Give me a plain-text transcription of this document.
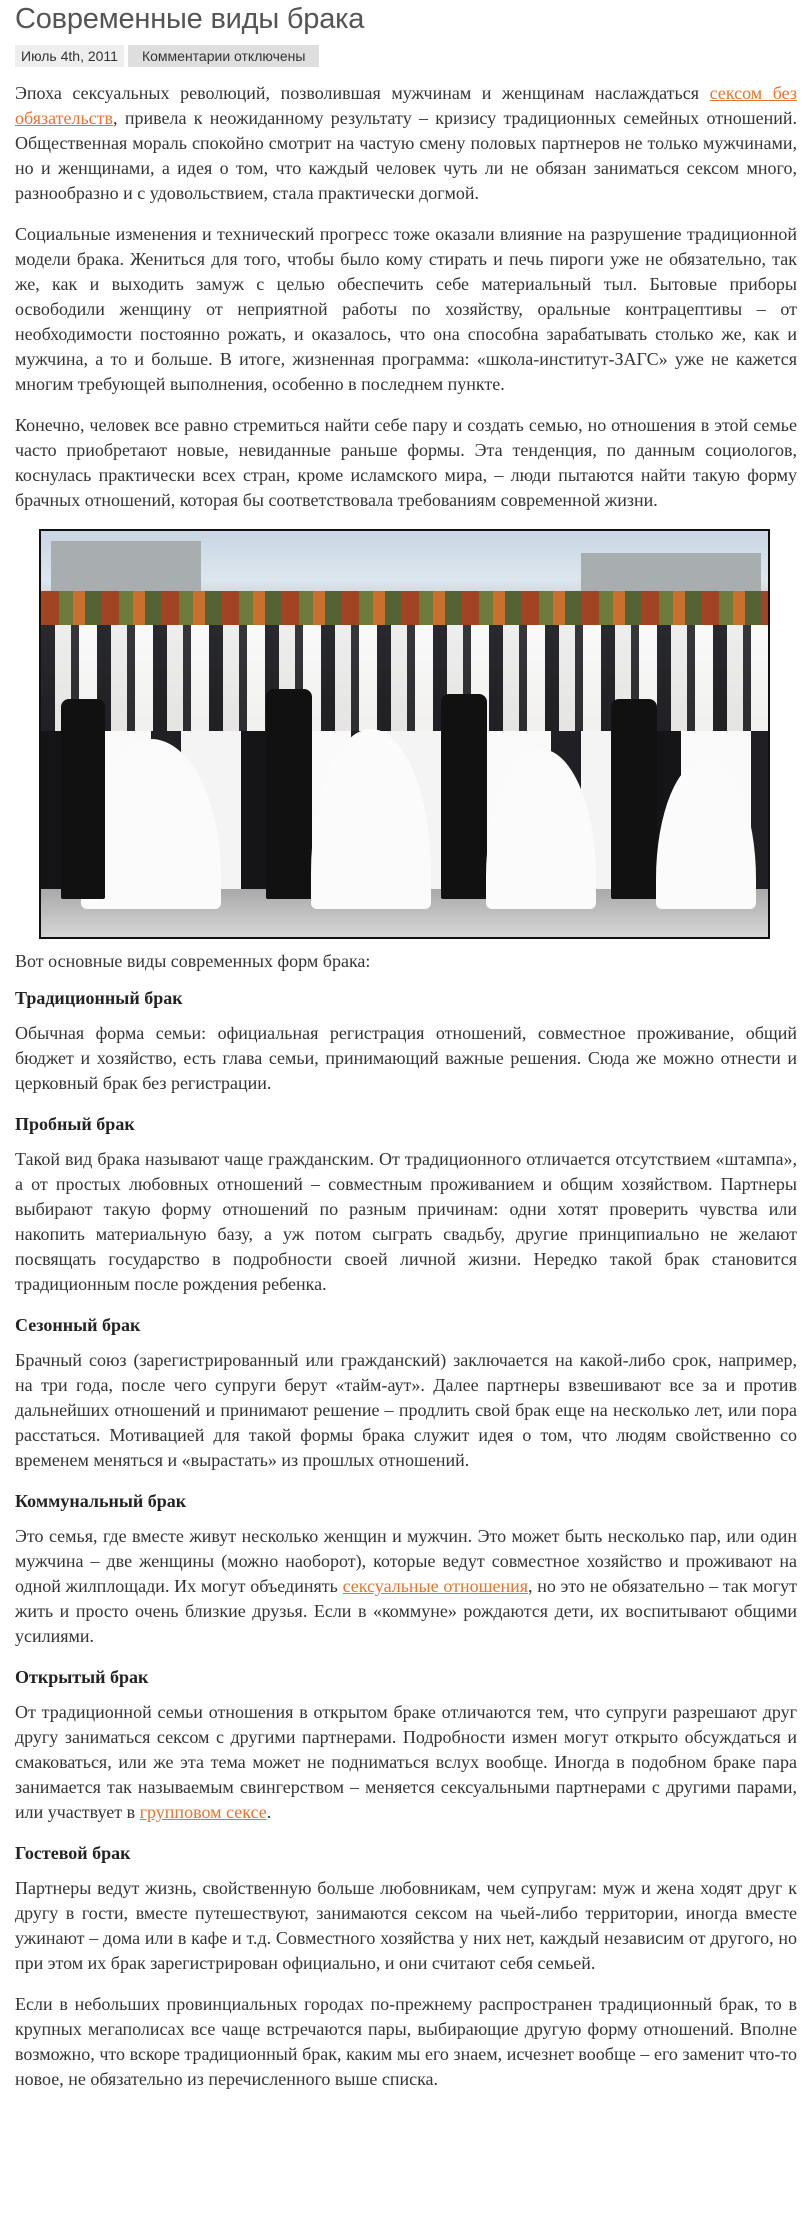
Современные виды брака
Июль 4th, 2011	Комментарии отключены

Эпоха сексуальных революций, позволившая мужчинам и женщинам наслаждаться сексом без обязательств, привела к неожиданному результату – кризису традиционных семейных отношений. Общественная мораль спокойно смотрит на частую смену половых партнеров не только мужчинами, но и женщинами, а идея о том, что каждый человек чуть ли не обязан заниматься сексом много, разнообразно и с удовольствием, стала практически догмой.

Социальные изменения и технический прогресс тоже оказали влияние на разрушение традиционной модели брака. Жениться для того, чтобы было кому стирать и печь пироги уже не обязательно, так же, как и выходить замуж с целью обеспечить себе материальный тыл. Бытовые приборы освободили женщину от неприятной работы по хозяйству, оральные контрацептивы – от необходимости постоянно рожать, и оказалось, что она способна зарабатывать столько же, как и мужчина, а то и больше. В итоге, жизненная программа: «школа-институт-ЗАГС» уже не кажется многим требующей выполнения, особенно в последнем пункте.

Конечно, человек все равно стремиться найти себе пару и создать семью, но отношения в этой семье часто приобретают новые, невиданные раньше формы. Эта тенденция, по данным социологов, коснулась практически всех стран, кроме исламского мира, – люди пытаются найти такую форму брачных отношений, которая бы соответствовала требованиям современной жизни.

Вот основные виды современных форм брака:

Традиционный брак

Обычная форма семьи: официальная регистрация отношений, совместное проживание, общий бюджет и хозяйство, есть глава семьи, принимающий важные решения. Сюда же можно отнести и церковный брак без регистрации.

Пробный брак

Такой вид брака называют чаще гражданским. От традиционного отличается отсутствием «штампа», а от простых любовных отношений – совместным проживанием и общим хозяйством. Партнеры выбирают такую форму отношений по разным причинам: одни хотят проверить чувства или накопить материальную базу, а уж потом сыграть свадьбу, другие принципиально не желают посвящать государство в подробности своей личной жизни. Нередко такой брак становится традиционным после рождения ребенка.

Сезонный брак

Брачный союз (зарегистрированный или гражданский) заключается на какой-либо срок, например, на три года, после чего супруги берут «тайм-аут». Далее партнеры взвешивают все за и против дальнейших отношений и принимают решение – продлить свой брак еще на несколько лет, или пора расстаться. Мотивацией для такой формы брака служит идея о том, что людям свойственно со временем меняться и «вырастать» из прошлых отношений.

Коммунальный брак

Это семья, где вместе живут несколько женщин и мужчин. Это может быть несколько пар, или один мужчина – две женщины (можно наоборот), которые ведут совместное хозяйство и проживают на одной жилплощади. Их могут объединять сексуальные отношения, но это не обязательно – так могут жить и просто очень близкие друзья. Если в «коммуне» рождаются дети, их воспитывают общими усилиями.

Открытый брак

От традиционной семьи отношения в открытом браке отличаются тем, что супруги разрешают друг другу заниматься сексом с другими партнерами. Подробности измен могут открыто обсуждаться и смаковаться, или же эта тема может не подниматься вслух вообще. Иногда в подобном браке пара занимается так называемым свингерством – меняется сексуальными партнерами с другими парами, или участвует в групповом сексе.

Гостевой брак

Партнеры ведут жизнь, свойственную больше любовникам, чем супругам: муж и жена ходят друг к другу в гости, вместе путешествуют, занимаются сексом на чьей-либо территории, иногда вместе ужинают – дома или в кафе и т.д. Совместного хозяйства у них нет, каждый независим от другого, но при этом их брак зарегистрирован официально, и они считают себя семьей.

Если в небольших провинциальных городах по-прежнему распространен традиционный брак, то в крупных мегаполисах все чаще встречаются пары, выбирающие другую форму отношений. Вполне возможно, что вскоре традиционный брак, каким мы его знаем, исчезнет вообще – его заменит что-то новое, не обязательно из перечисленного выше списка.
